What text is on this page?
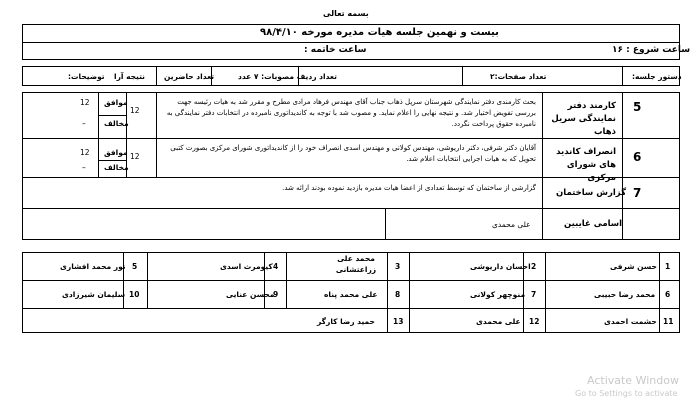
بسمه تعالی
بیست و نهمین جلسه هیات مدیره مورخه ۹۸/۴/۱۰
ساعت شروع : ۱۶
ساعت خاتمه :
دستور جلسه:
تعداد صفحات:۲
تعداد ردیف مصوبات: ۷ عدد
تعداد حاضرین
نتیجه آرا
توضیحات:
5
کارمند دفتر نمایندگی سریل ذهاب
بحث کارمندی دفتر نمایندگی شهرستان سرپل ذهاب جناب آقای مهندس فرهاد مرادی مطرح و مقرر شد به هیات رئیسه جهت بررسی تفویض اختیار شد. و نتیجه نهایی را اعلام نماید. و مصوب شد با توجه به کاندیداتوری نامبرده در انتخابات دفتر نمایندگی به نامبرده حقوق پرداخت نگردد.
12
موافق
12
مخالف
–
6
انصراف کاندید های شورای مرکزی
آقایان دکتر شرفی، دکتر داریوشی، مهندس کولانی و مهندس اسدی انصراف خود را از کاندیداتوری شورای مرکزی بصورت کتبی تحویل که به هیات اجرایی انتخابات اعلام شد.
12
موافق
12
مخالف
–
7
گزارش ساختمان
گزارشی از ساختمان که توسط تعدادی از اعضا هیات مدیره بازدید نموده بودند ارائه شد.
اسامی غايبين
علی محمدی
1
حسن شرفی
2
احسان داريوشی
3
محمد علی زراعتشانی
4
کیومرث اسدی
5
نور محمد افشاری
6
محمد رضا حبيبی
7
منوچهر کولانی
8
علی محمد پناه
9
محسن عنایی
10
سلیمان شیرزادی
11
حشمت احمدی
12
علی محمدی
13
حمید رضا کارگر
Activate Window
Go to Settings to activate
